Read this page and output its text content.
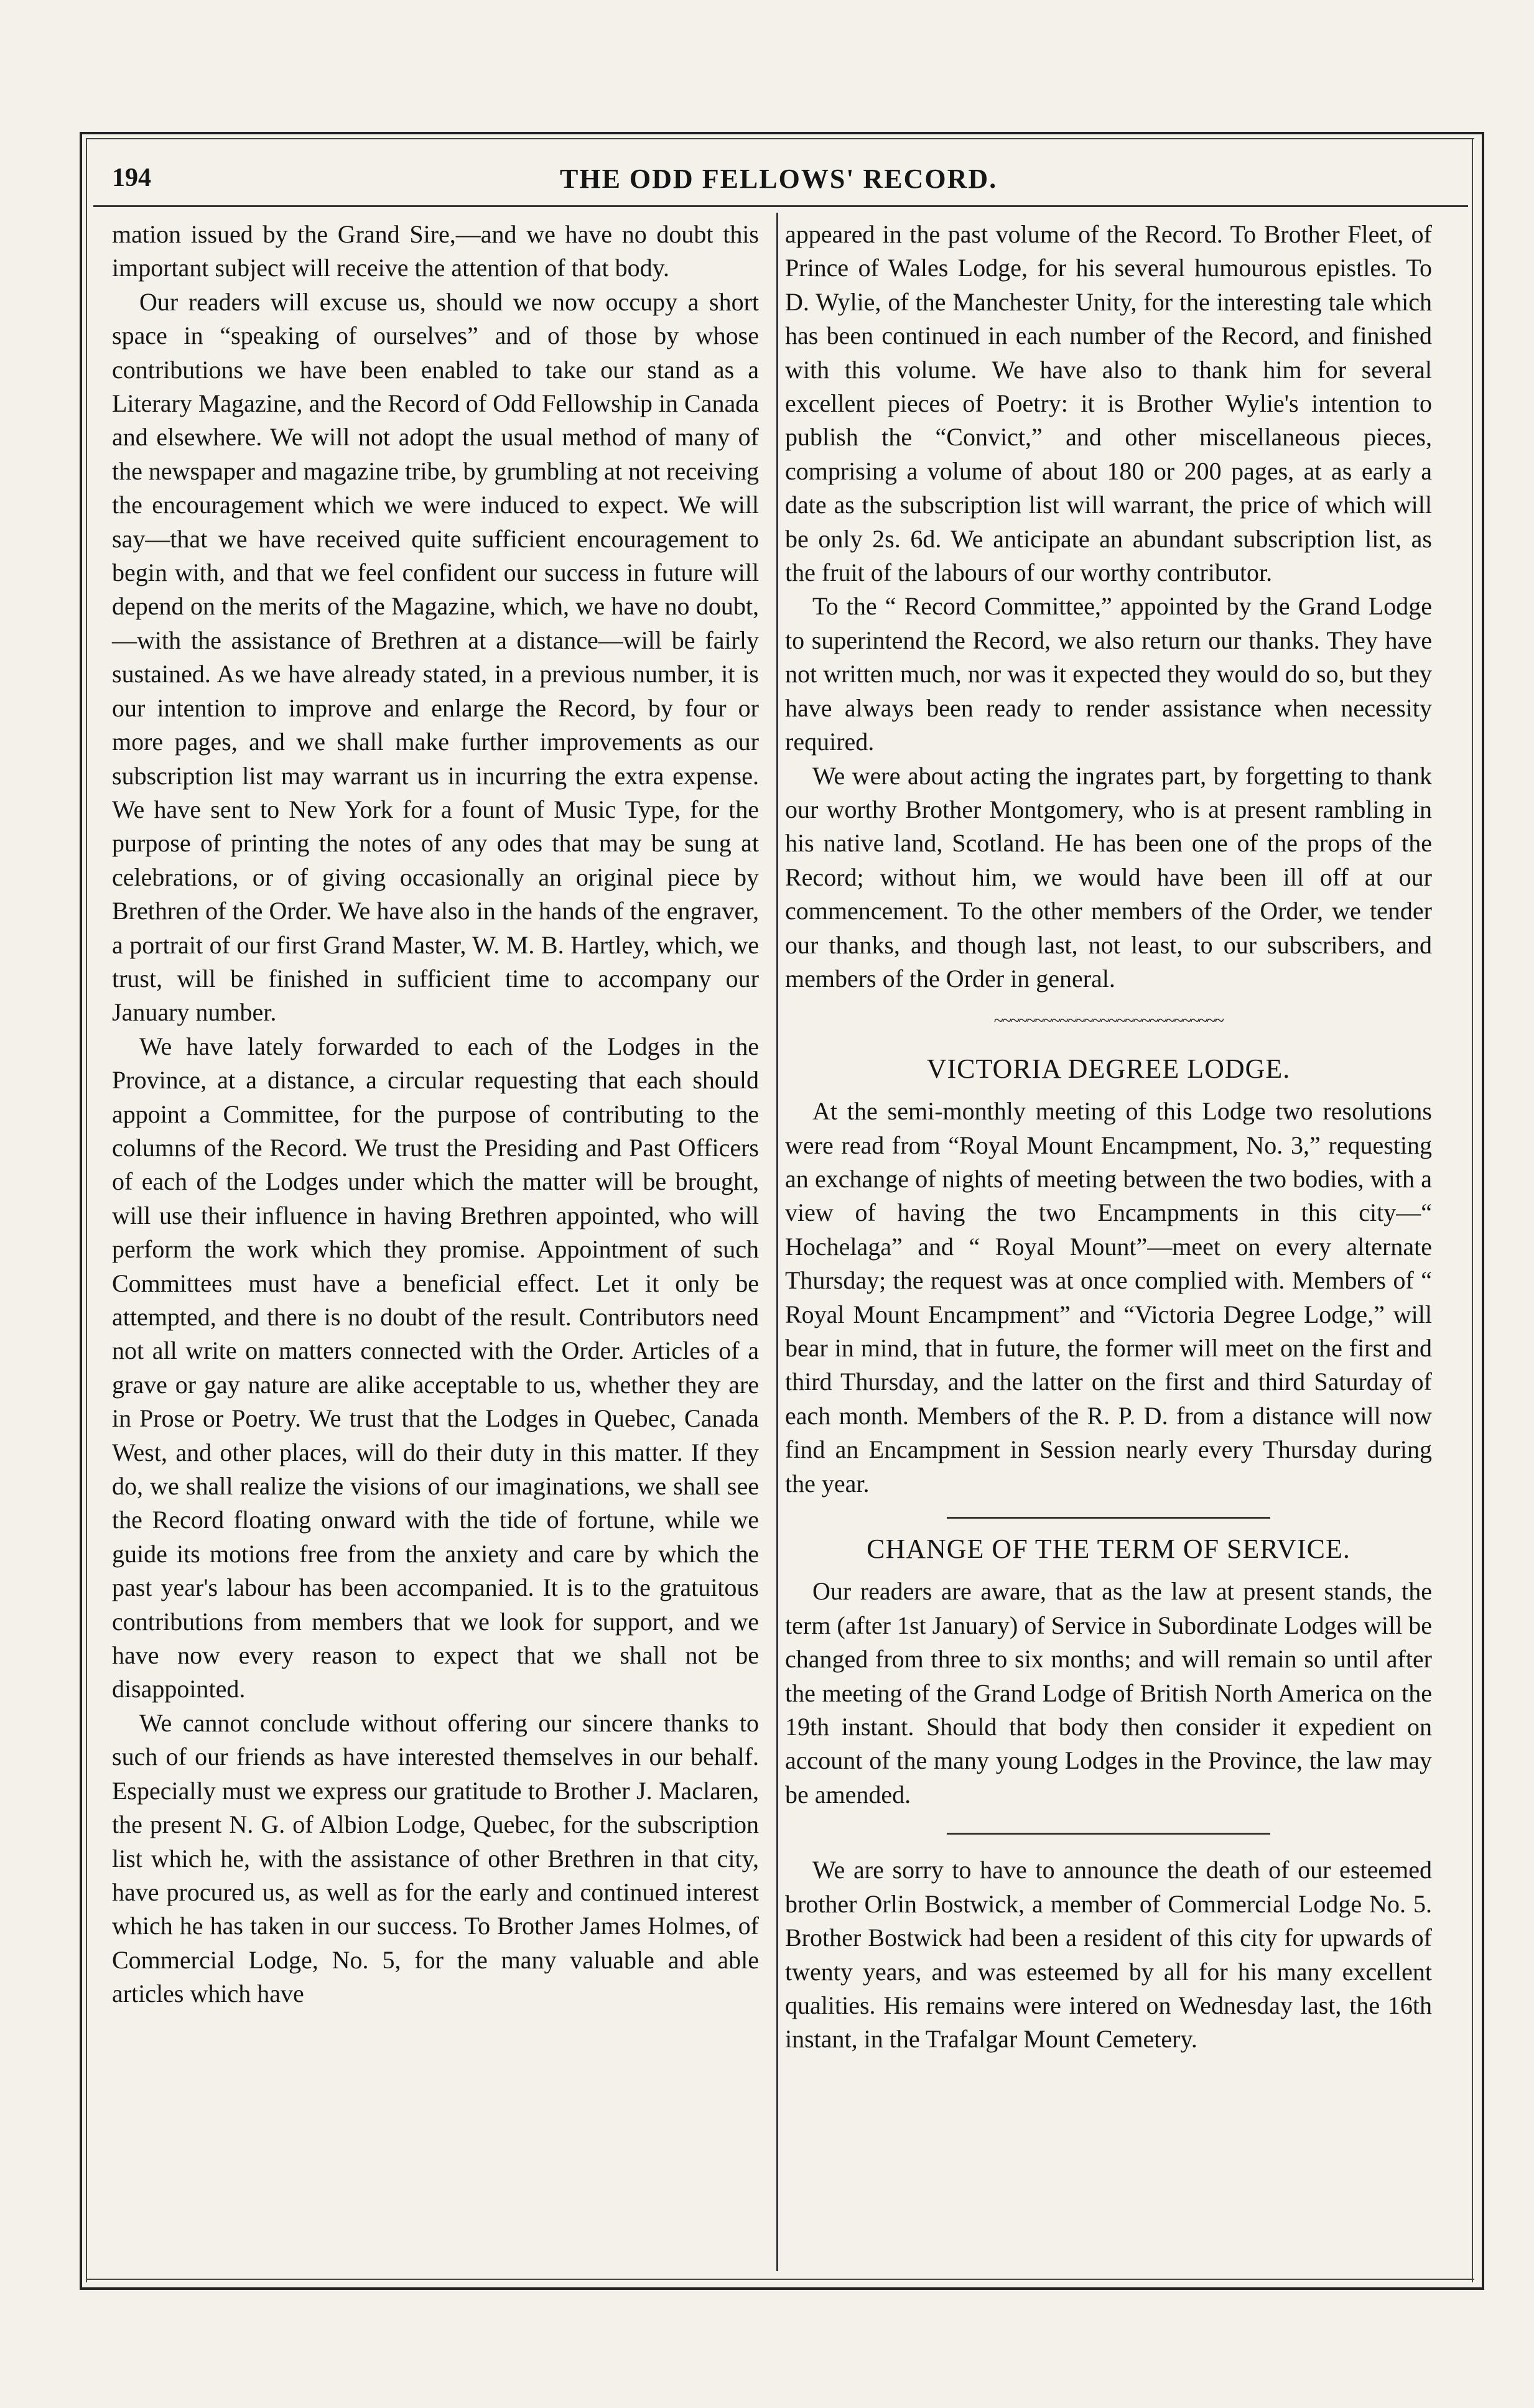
194	THE ODD FELLOWS' RECORD.

mation issued by the Grand Sire,—and we have no doubt this important subject will receive the attention of that body.

Our readers will excuse us, should we now occupy a short space in “speaking of ourselves” and of those by whose contributions we have been enabled to take our stand as a Literary Magazine, and the Record of Odd Fellowship in Canada and elsewhere. We will not adopt the usual method of many of the newspaper and magazine tribe, by grumbling at not receiving the encouragement which we were induced to expect. We will say—that we have received quite sufficient encouragement to begin with, and that we feel confident our success in future will depend on the merits of the Magazine, which, we have no doubt,—with the assistance of Brethren at a distance—will be fairly sustained. As we have already stated, in a previous number, it is our intention to improve and enlarge the Record, by four or more pages, and we shall make further improvements as our subscription list may warrant us in incurring the extra expense. We have sent to New York for a fount of Music Type, for the purpose of printing the notes of any odes that may be sung at celebrations, or of giving occasionally an original piece by Brethren of the Order. We have also in the hands of the engraver, a portrait of our first Grand Master, W. M. B. Hartley, which, we trust, will be finished in sufficient time to accompany our January number.

We have lately forwarded to each of the Lodges in the Province, at a distance, a circular requesting that each should appoint a Committee, for the purpose of contributing to the columns of the Record. We trust the Presiding and Past Officers of each of the Lodges under which the matter will be brought, will use their influence in having Brethren appointed, who will perform the work which they promise. Appointment of such Committees must have a beneficial effect. Let it only be attempted, and there is no doubt of the result. Contributors need not all write on matters connected with the Order. Articles of a grave or gay nature are alike acceptable to us, whether they are in Prose or Poetry. We trust that the Lodges in Quebec, Canada West, and other places, will do their duty in this matter. If they do, we shall realize the visions of our imaginations, we shall see the Record floating onward with the tide of fortune, while we guide its motions free from the anxiety and care by which the past year's labour has been accompanied. It is to the gratuitous contributions from members that we look for support, and we have now every reason to expect that we shall not be disappointed.

We cannot conclude without offering our sincere thanks to such of our friends as have interested themselves in our behalf. Especially must we express our gratitude to Brother J. Maclaren, the present N. G. of Albion Lodge, Quebec, for the subscription list which he, with the assistance of other Brethren in that city, have procured us, as well as for the early and continued interest which he has taken in our success. To Brother James Holmes, of Commercial Lodge, No. 5, for the many valuable and able articles which have

appeared in the past volume of the Record. To Brother Fleet, of Prince of Wales Lodge, for his several humourous epistles. To D. Wylie, of the Manchester Unity, for the interesting tale which has been continued in each number of the Record, and finished with this volume. We have also to thank him for several excellent pieces of Poetry: it is Brother Wylie's intention to publish the “Convict,” and other miscellaneous pieces, comprising a volume of about 180 or 200 pages, at as early a date as the subscription list will warrant, the price of which will be only 2s. 6d. We anticipate an abundant subscription list, as the fruit of the labours of our worthy contributor.

To the “ Record Committee,” appointed by the Grand Lodge to superintend the Record, we also return our thanks. They have not written much, nor was it expected they would do so, but they have always been ready to render assistance when necessity required.

We were about acting the ingrates part, by forgetting to thank our worthy Brother Montgomery, who is at present rambling in his native land, Scotland. He has been one of the props of the Record; without him, we would have been ill off at our commencement. To the other members of the Order, we tender our thanks, and though last, not least, to our subscribers, and members of the Order in general.

~~~~~~~~~~~~~~~~~~~~~~~~~~~~
VICTORIA DEGREE LODGE.

At the semi-monthly meeting of this Lodge two resolutions were read from “Royal Mount Encampment, No. 3,” requesting an exchange of nights of meeting between the two bodies, with a view of having the two Encampments in this city—“ Hochelaga” and “ Royal Mount”—meet on every alternate Thursday; the request was at once complied with. Members of “ Royal Mount Encampment” and “Victoria Degree Lodge,” will bear in mind, that in future, the former will meet on the first and third Thursday, and the latter on the first and third Saturday of each month. Members of the R. P. D. from a distance will now find an Encampment in Session nearly every Thursday during the year.

CHANGE OF THE TERM OF SERVICE.

Our readers are aware, that as the law at present stands, the term (after 1st January) of Service in Subordinate Lodges will be changed from three to six months; and will remain so until after the meeting of the Grand Lodge of British North America on the 19th instant. Should that body then consider it expedient on account of the many young Lodges in the Province, the law may be amended.

We are sorry to have to announce the death of our esteemed brother Orlin Bostwick, a member of Commercial Lodge No. 5. Brother Bostwick had been a resident of this city for upwards of twenty years, and was esteemed by all for his many excellent qualities. His remains were intered on Wednesday last, the 16th instant, in the Trafalgar Mount Cemetery.
